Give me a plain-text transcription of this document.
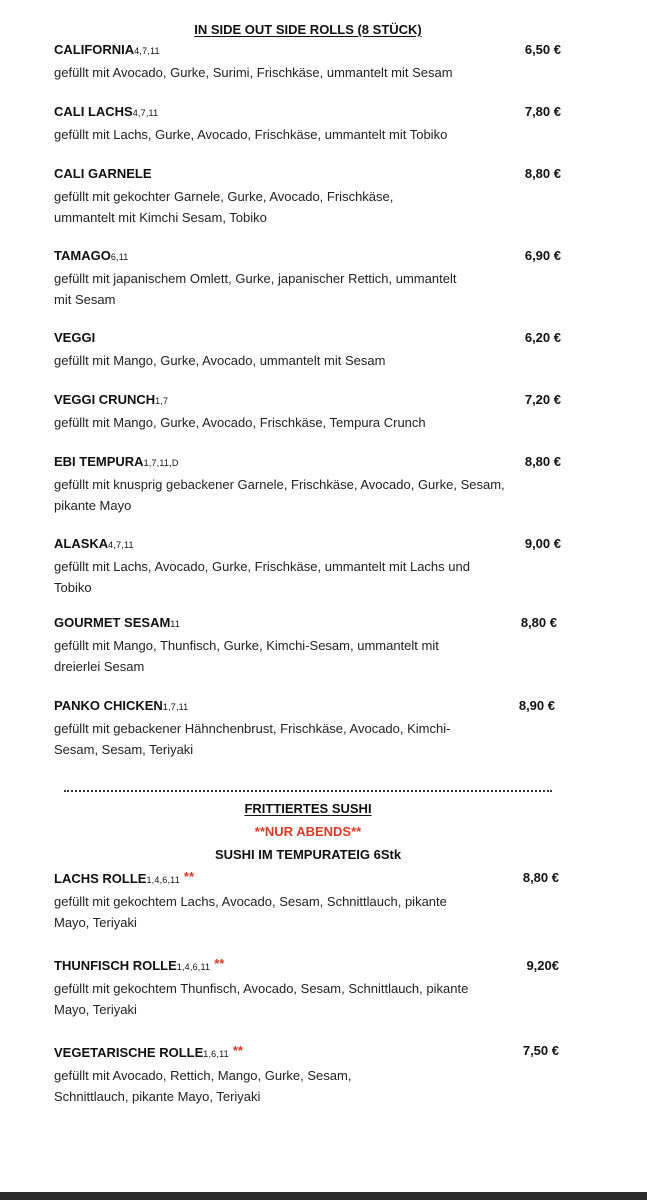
IN SIDE OUT SIDE ROLLS (8 STÜCK)
CALIFORNIA4,7,11
gefüllt mit Avocado, Gurke, Surimi, Frischkäse, ummantelt mit Sesam
6,50 €
CALI LACHS4,7,11
gefüllt mit Lachs, Gurke, Avocado, Frischkäse, ummantelt mit Tobiko
7,80 €
CALI GARNELE
gefüllt mit gekochter Garnele, Gurke, Avocado, Frischkäse, ummantelt mit Kimchi Sesam, Tobiko
8,80 €
TAMAGO6,11
gefüllt mit japanischem Omlett, Gurke, japanischer Rettich, ummantelt mit Sesam
6,90 €
VEGGI
gefüllt mit Mango, Gurke, Avocado, ummantelt mit Sesam
6,20 €
VEGGI CRUNCH1,7
gefüllt mit Mango, Gurke, Avocado, Frischkäse, Tempura Crunch
7,20 €
EBI TEMPURA1,7,11,D
gefüllt mit knusprig gebackener Garnele, Frischkäse, Avocado, Gurke, Sesam, pikante Mayo
8,80 €
ALASKA4,7,11
gefüllt mit Lachs, Avocado, Gurke, Frischkäse, ummantelt mit Lachs und Tobiko
9,00 €
GOURMET SESAM11
gefüllt mit Mango, Thunfisch, Gurke, Kimchi-Sesam, ummantelt mit dreierlei Sesam
8,80 €
PANKO CHICKEN1,7,11
gefüllt mit gebackener Hähnchenbrust, Frischkäse, Avocado, Kimchi-Sesam, Sesam, Teriyaki
8,90 €
FRITTIERTES SUSHI
**NUR ABENDS**
SUSHI IM TEMPURATEIG 6Stk
LACHS ROLLE1,4,6,11 **
gefüllt mit gekochtem Lachs, Avocado, Sesam, Schnittlauch, pikante Mayo, Teriyaki
8,80 €
THUNFISCH ROLLE1,4,6,11 **
gefüllt mit gekochtem Thunfisch, Avocado, Sesam, Schnittlauch, pikante Mayo, Teriyaki
9,20€
VEGETARISCHE ROLLE1,6,11 **
gefüllt mit Avocado, Rettich, Mango, Gurke, Sesam, Schnittlauch, pikante Mayo, Teriyaki
7,50 €
